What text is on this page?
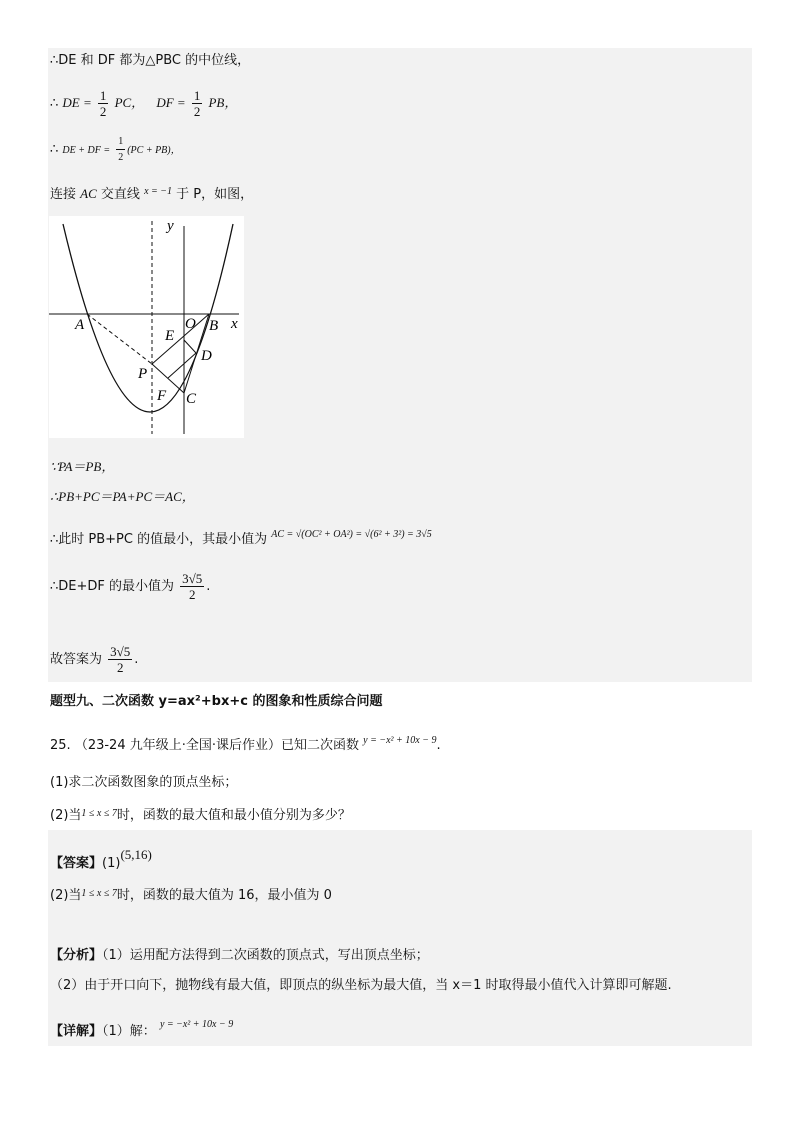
∴DE 和 DF 都为△PBC 的中位线，
∴ DE = $\frac{1}{2}$ PC， DF = $\frac{1}{2}$ PB，
∴ DE + DF = $\frac{1}{2} (PC + PB)$，
连接 AC 交直线 $^{x = -1}$ 于 P，如图，
y
x
A	O B
E
D
P
F C
∵PA＝PB，
∴PB+PC＝PA+PC＝AC，
∴此时 PB+PC 的值最小，其最小值为 $^{AC = √(OC^2 + OA^2) = √(6^2 + 3^2) = 3√5}$
∴DE+DF 的最小值为 $\frac{3√5}{2}$ .
故答案为 $\frac{3√5}{2}$ .
题型九、二次函数 y=ax²+bx+c 的图象和性质综合问题
25. （23-24 九年级上·全国·课后作业）已知二次函数 $^{y = -x^2 + 10x - 9}$.
(1)求二次函数图象的顶点坐标；
(2)当$^{1 \le x \le 7}$时，函数的最大值和最小值分别为多少？
【答案】(1)(5,16)
(2)当$^{1 \le x \le 7}$时，函数的最大值为 16，最小值为 0
【分析】（1）运用配方法得到二次函数的顶点式，写出顶点坐标；
（2）由于开口向下，抛物线有最大值，即顶点的纵坐标为最大值，当 x＝1 时取得最小值代入计算即可解题.
【详解】（1）解： $^{y = -x^2 + 10x - 9}$
